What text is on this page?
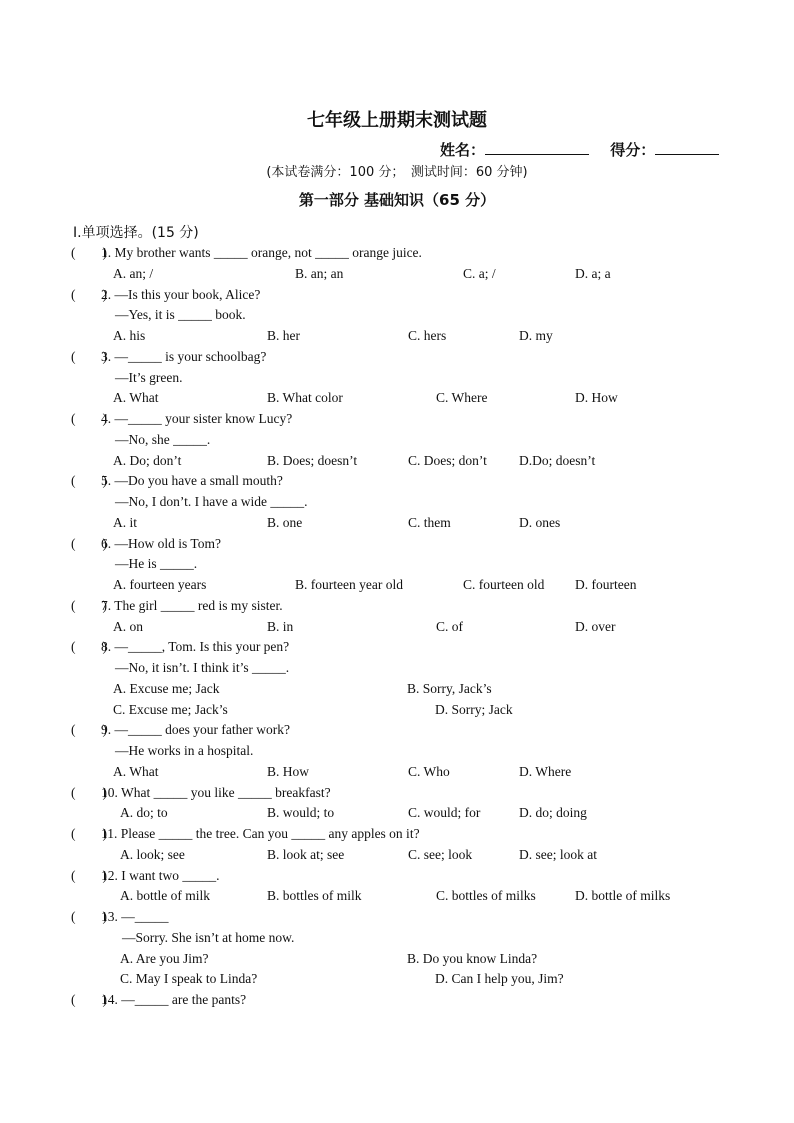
七年级上册期末测试题
姓名：	得分：
(本试卷满分：100 分；　测试时间：60 分钟)
第一部分 基础知识（65 分）
Ⅰ.单项选择。(15 分)
(　　)
1. My brother wants _____ orange, not _____ orange juice.
A. an; /	B. an; an	C. a; /	D. a; a
(　　)
2. —Is this your book, Alice?
—Yes, it is _____ book.
A. his	B. her	C. hers	D. my
(　　)
3. —_____ is your schoolbag?
—It’s green.
A. What	B. What color	C. Where	D. How
(　　)
4. —_____ your sister know Lucy?
—No, she _____.
A. Do; don’t	B. Does; doesn’t	C. Does; don’t D.Do; doesn’t
(　　)
5. —Do you have a small mouth?
—No, I don’t. I have a wide _____.
A. it	B. one	C. them	D. ones
(　　)
6. —How old is Tom?
—He is _____.
A. fourteen years	B. fourteen year old	C. fourteen old D. fourteen
(　　)
7. The girl _____ red is my sister.
A. on	B. in	C. of	D. over
(　　)
8. —_____, Tom. Is this your pen?
—No, it isn’t. I think it’s _____.
A. Excuse me; Jack	B. Sorry, Jack’s
C. Excuse me; Jack’s	D. Sorry; Jack
(　　)
9. —_____ does your father work?
—He works in a hospital.
A. What	B. How	C. Who	D. Where
(　　)
10. What _____ you like _____ breakfast?
A. do; to	B. would; to	C. would; for	D. do; doing
(　　)
11. Please _____ the tree. Can you _____ any apples on it?
A. look; see	B. look at; see	C. see; look	D. see; look at
(　　)
12. I want two _____.
A. bottle of milk	B. bottles of milk	C. bottles of milks	D. bottle of milks
(　　)
13. —_____
—Sorry. She isn’t at home now.
A. Are you Jim?	B. Do you know Linda?
C. May I speak to Linda?	D. Can I help you, Jim?
(　　)
14. —_____ are the pants?
